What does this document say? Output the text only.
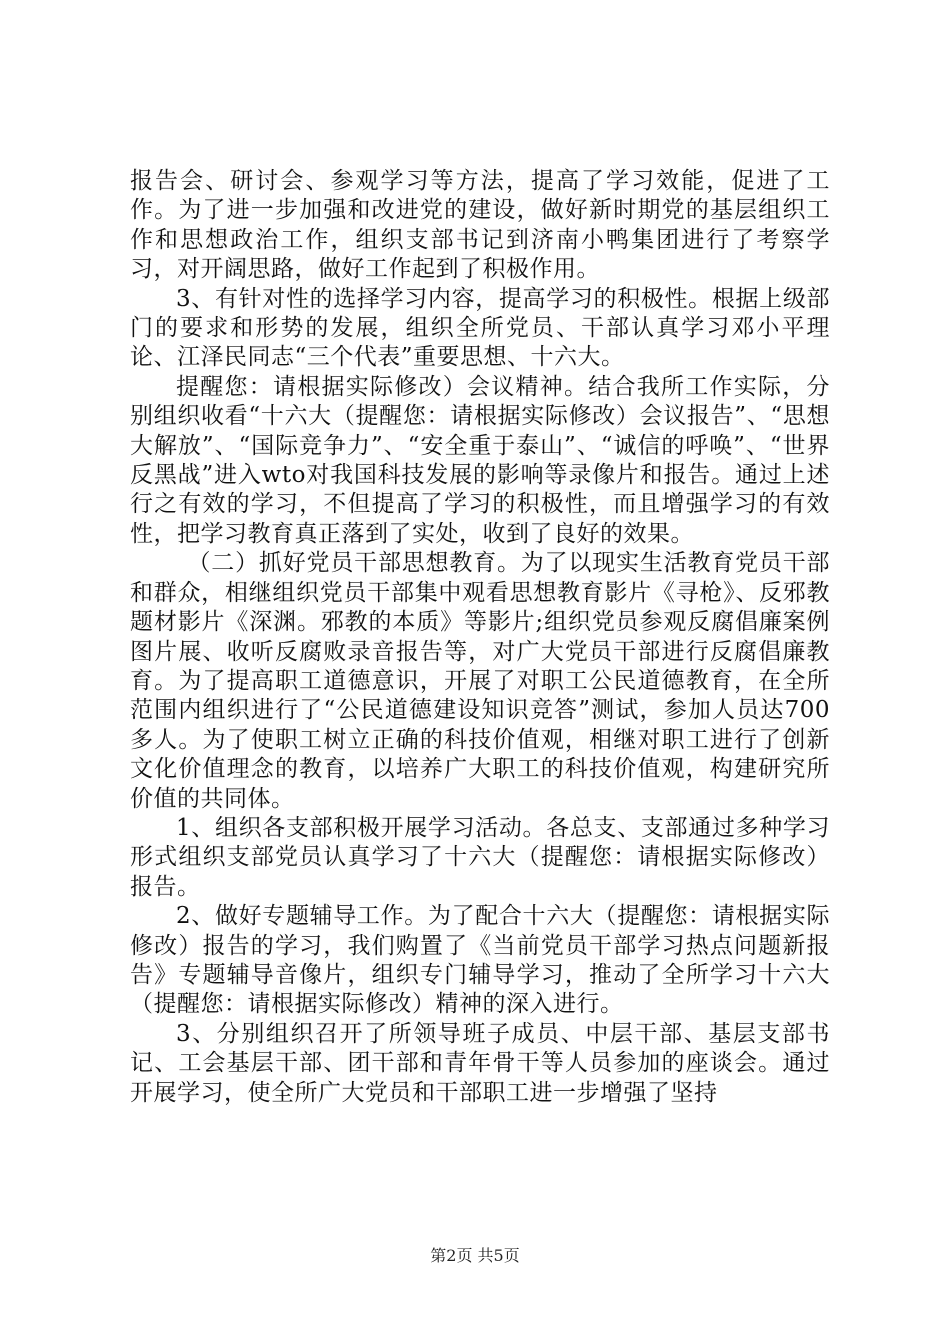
报告会、研讨会、参观学习等方法，提高了学习效能，促进了工作。为了进一步加强和改进党的建设，做好新时期党的基层组织工作和思想政治工作，组织支部书记到济南小鸭集团进行了考察学习，对开阔思路，做好工作起到了积极作用。

3、有针对性的选择学习内容，提高学习的积极性。根据上级部门的要求和形势的发展，组织全所党员、干部认真学习邓小平理论、江泽民同志“三个代表”重要思想、十六大。

提醒您：请根据实际修改）会议精神。结合我所工作实际，分别组织收看“十六大（提醒您：请根据实际修改）会议报告”、“思想大解放”、“国际竞争力”、“安全重于泰山”、“诚信的呼唤”、“世界反黑战”进入wto对我国科技发展的影响等录像片和报告。通过上述行之有效的学习，不但提高了学习的积极性，而且增强学习的有效性，把学习教育真正落到了实处，收到了良好的效果。

（二）抓好党员干部思想教育。为了以现实生活教育党员干部和群众，相继组织党员干部集中观看思想教育影片《寻枪》、反邪教题材影片《深渊。邪教的本质》等影片;组织党员参观反腐倡廉案例图片展、收听反腐败录音报告等，对广大党员干部进行反腐倡廉教育。为了提高职工道德意识，开展了对职工公民道德教育，在全所范围内组织进行了“公民道德建设知识竞答”测试，参加人员达700多人。为了使职工树立正确的科技价值观，相继对职工进行了创新文化价值理念的教育，以培养广大职工的科技价值观，构建研究所价值的共同体。

1、组织各支部积极开展学习活动。各总支、支部通过多种学习形式组织支部党员认真学习了十六大（提醒您：请根据实际修改）报告。

2、做好专题辅导工作。为了配合十六大（提醒您：请根据实际修改）报告的学习，我们购置了《当前党员干部学习热点问题新报告》专题辅导音像片，组织专门辅导学习，推动了全所学习十六大（提醒您：请根据实际修改）精神的深入进行。

3、分别组织召开了所领导班子成员、中层干部、基层支部书记、工会基层干部、团干部和青年骨干等人员参加的座谈会。通过开展学习，使全所广大党员和干部职工进一步增强了坚持

第2页 共5页
